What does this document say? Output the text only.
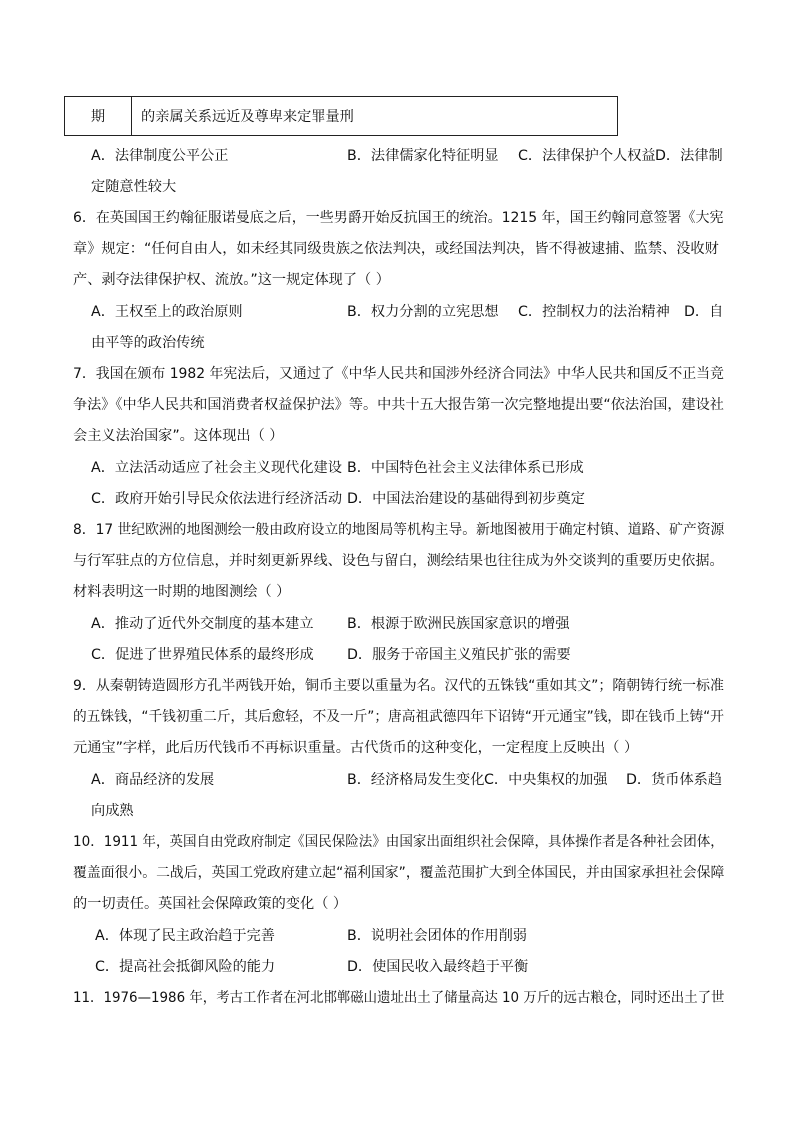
期	的亲属关系远近及尊卑来定罪量刑
A．法律制度公平公正	B．法律儒家化特征明显 C．法律保护个人权益 D．法律制
定随意性较大
6．在英国国王约翰征服诺曼底之后，一些男爵开始反抗国王的统治。1215 年，国王约翰同意签署《大宪
章》规定：“任何自由人，如未经其同级贵族之依法判决，或经国法判决，皆不得被逮捕、监禁、没收财
产、剥夺法律保护权、流放。”这一规定体现了（ ）
A．王权至上的政治原则	B．权力分割的立宪思想 C．控制权力的法治精神 D．自
由平等的政治传统
7．我国在颁布 1982 年宪法后，又通过了《中华人民共和国涉外经济合同法》中华人民共和国反不正当竞
争法》《中华人民共和国消费者权益保护法》等。中共十五大报告第一次完整地提出要“依法治国，建设社
会主义法治国家”。这体现出（ ）
A．立法活动适应了社会主义现代化建设 B．中国特色社会主义法律体系已形成
C．政府开始引导民众依法进行经济活动 D．中国法治建设的基础得到初步奠定
8．17 世纪欧洲的地图测绘一般由政府设立的地图局等机构主导。新地图被用于确定村镇、道路、矿产资源
与行军驻点的方位信息，并时刻更新界线、设色与留白，测绘结果也往往成为外交谈判的重要历史依据。
材料表明这一时期的地图测绘（ ）
A．推动了近代外交制度的基本建立 B．根源于欧洲民族国家意识的增强
C．促进了世界殖民体系的最终形成 D．服务于帝国主义殖民扩张的需要
9．从秦朝铸造圆形方孔半两钱开始，铜币主要以重量为名。汉代的五铢钱“重如其文”；隋朝铸行统一标准
的五铢钱，“千钱初重二斤，其后愈轻，不及一斤”；唐高祖武德四年下诏铸“开元通宝”钱，即在钱币上铸“开
元通宝”字样，此后历代钱币不再标识重量。古代货币的这种变化，一定程度上反映出（ ）
A．商品经济的发展	B．经济格局发生变化 C．中央集权的加强 D．货币体系趋
向成熟
10．1911 年，英国自由党政府制定《国民保险法》由国家出面组织社会保障，具体操作者是各种社会团体，
覆盖面很小。二战后，英国工党政府建立起“福利国家”，覆盖范围扩大到全体国民，并由国家承担社会保障
的一切责任。英国社会保障政策的变化（ ）
A．体现了民主政治趋于完善	B．说明社会团体的作用削弱
C．提高社会抵御风险的能力	D．使国民收入最终趋于平衡
11．1976—1986 年，考古工作者在河北邯郸磁山遗址出土了储量高达 10 万斤的远古粮仓，同时还出土了世
